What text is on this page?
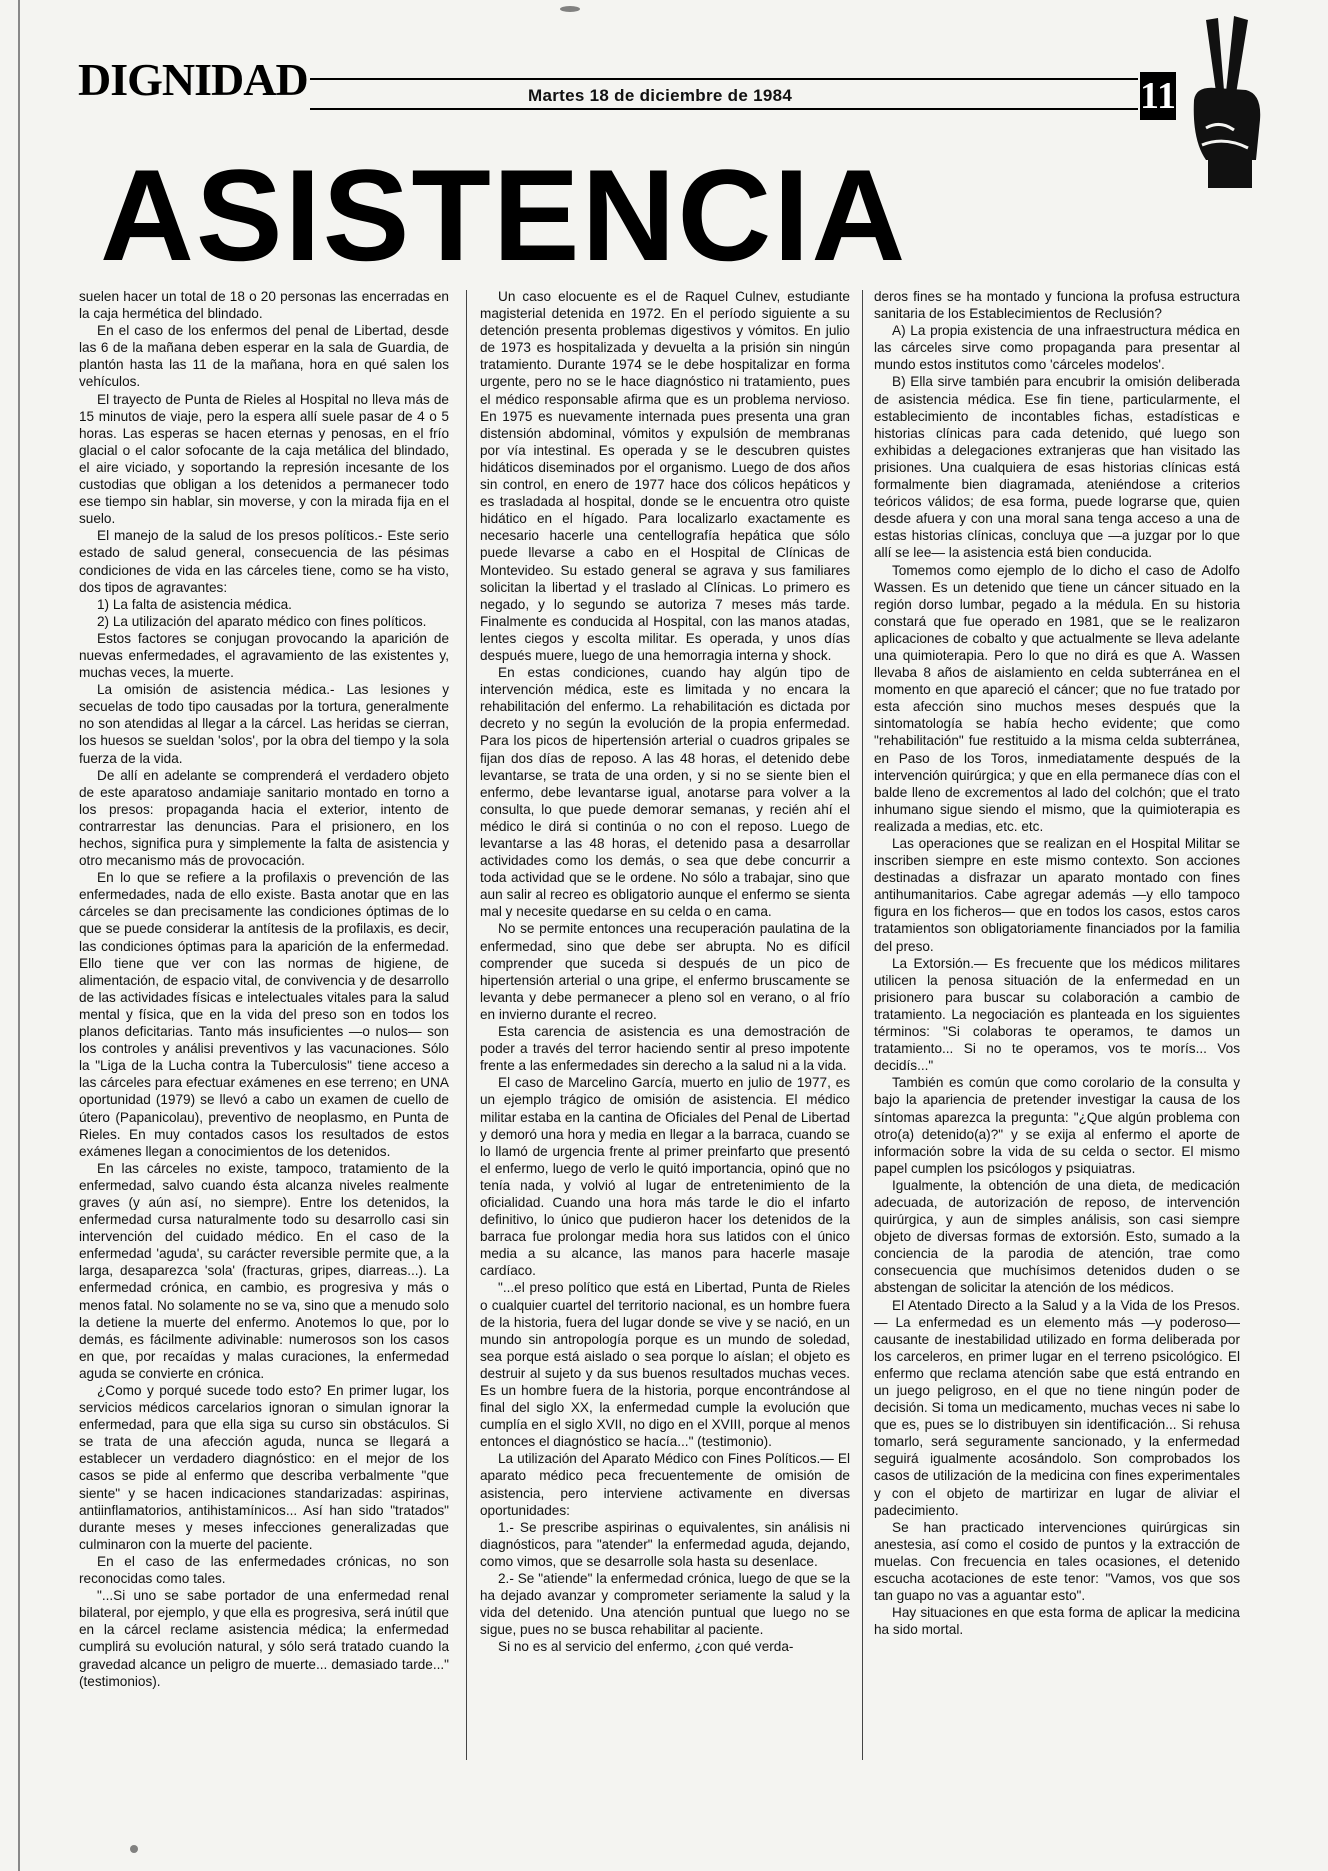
DIGNIDAD	Martes 18 de diciembre de 1984	11
ASISTENCIA

suelen hacer un total de 18 o 20 personas las encerradas en la caja hermética del blindado.

En el caso de los enfermos del penal de Libertad, desde las 6 de la mañana deben esperar en la sala de Guardia, de plantón hasta las 11 de la mañana, hora en qué salen los vehículos.

El trayecto de Punta de Rieles al Hospital no lleva más de 15 minutos de viaje, pero la espera allí suele pasar de 4 o 5 horas. Las esperas se hacen eternas y penosas, en el frío glacial o el calor sofocante de la caja metálica del blindado, el aire viciado, y soportando la represión incesante de los custodias que obligan a los detenidos a permanecer todo ese tiempo sin hablar, sin moverse, y con la mirada fija en el suelo.

El manejo de la salud de los presos políticos.- Este serio estado de salud general, consecuencia de las pésimas condiciones de vida en las cárceles tiene, como se ha visto, dos tipos de agravantes:

1) La falta de asistencia médica.

2) La utilización del aparato médico con fines políticos.

Estos factores se conjugan provocando la aparición de nuevas enfermedades, el agravamiento de las existentes y, muchas veces, la muerte.

La omisión de asistencia médica.- Las lesiones y secuelas de todo tipo causadas por la tortura, generalmente no son atendidas al llegar a la cárcel. Las heridas se cierran, los huesos se sueldan 'solos', por la obra del tiempo y la sola fuerza de la vida.

De allí en adelante se comprenderá el verdadero objeto de este aparatoso andamiaje sanitario montado en torno a los presos: propaganda hacia el exterior, intento de contrarrestar las denuncias. Para el prisionero, en los hechos, significa pura y simplemente la falta de asistencia y otro mecanismo más de provocación.

En lo que se refiere a la profilaxis o prevención de las enfermedades, nada de ello existe. Basta anotar que en las cárceles se dan precisamente las condiciones óptimas de lo que se puede considerar la antítesis de la profilaxis, es decir, las condiciones óptimas para la aparición de la enfermedad. Ello tiene que ver con las normas de higiene, de alimentación, de espacio vital, de convivencia y de desarrollo de las actividades físicas e intelectuales vitales para la salud mental y física, que en la vida del preso son en todos los planos deficitarias. Tanto más insuficientes —o nulos— son los controles y análisi preventivos y las vacunaciones. Sólo la "Liga de la Lucha contra la Tuberculosis" tiene acceso a las cárceles para efectuar exámenes en ese terreno; en UNA oportunidad (1979) se llevó a cabo un examen de cuello de útero (Papanicolau), preventivo de neoplasmo, en Punta de Rieles. En muy contados casos los resultados de estos exámenes llegan a conocimientos de los detenidos.

En las cárceles no existe, tampoco, tratamiento de la enfermedad, salvo cuando ésta alcanza niveles realmente graves (y aún así, no siempre). Entre los detenidos, la enfermedad cursa naturalmente todo su desarrollo casi sin intervención del cuidado médico. En el caso de la enfermedad 'aguda', su carácter reversible permite que, a la larga, desaparezca 'sola' (fracturas, gripes, diarreas...). La enfermedad crónica, en cambio, es progresiva y más o menos fatal. No solamente no se va, sino que a menudo solo la detiene la muerte del enfermo. Anotemos lo que, por lo demás, es fácilmente adivinable: numerosos son los casos en que, por recaídas y malas curaciones, la enfermedad aguda se convierte en crónica.

¿Como y porqué sucede todo esto? En primer lugar, los servicios médicos carcelarios ignoran o simulan ignorar la enfermedad, para que ella siga su curso sin obstáculos. Si se trata de una afección aguda, nunca se llegará a establecer un verdadero diagnóstico: en el mejor de los casos se pide al enfermo que describa verbalmente "que siente" y se hacen indicaciones standarizadas: aspirinas, antiinflamatorios, antihistamínicos... Así han sido "tratados" durante meses y meses infecciones generalizadas que culminaron con la muerte del paciente.

En el caso de las enfermedades crónicas, no son reconocidas como tales.

"...Si uno se sabe portador de una enfermedad renal bilateral, por ejemplo, y que ella es progresiva, será inútil que en la cárcel reclame asistencia médica; la enfermedad cumplirá su evolución natural, y sólo será tratado cuando la gravedad alcance un peligro de muerte... demasiado tarde..." (testimonios).

Un caso elocuente es el de Raquel Culnev, estudiante magisterial detenida en 1972. En el período siguiente a su detención presenta problemas digestivos y vómitos. En julio de 1973 es hospitalizada y devuelta a la prisión sin ningún tratamiento. Durante 1974 se le debe hospitalizar en forma urgente, pero no se le hace diagnóstico ni tratamiento, pues el médico responsable afirma que es un problema nervioso. En 1975 es nuevamente internada pues presenta una gran distensión abdominal, vómitos y expulsión de membranas por vía intestinal. Es operada y se le descubren quistes hidáticos diseminados por el organismo. Luego de dos años sin control, en enero de 1977 hace dos cólicos hepáticos y es trasladada al hospital, donde se le encuentra otro quiste hidático en el hígado. Para localizarlo exactamente es necesario hacerle una centellografía hepática que sólo puede llevarse a cabo en el Hospital de Clínicas de Montevideo. Su estado general se agrava y sus familiares solicitan la libertad y el traslado al Clínicas. Lo primero es negado, y lo segundo se autoriza 7 meses más tarde. Finalmente es conducida al Hospital, con las manos atadas, lentes ciegos y escolta militar. Es operada, y unos días después muere, luego de una hemorragia interna y shock.

En estas condiciones, cuando hay algún tipo de intervención médica, este es limitada y no encara la rehabilitación del enfermo. La rehabilitación es dictada por decreto y no según la evolución de la propia enfermedad. Para los picos de hipertensión arterial o cuadros gripales se fijan dos días de reposo. A las 48 horas, el detenido debe levantarse, se trata de una orden, y si no se siente bien el enfermo, debe levantarse igual, anotarse para volver a la consulta, lo que puede demorar semanas, y recién ahí el médico le dirá si continúa o no con el reposo. Luego de levantarse a las 48 horas, el detenido pasa a desarrollar actividades como los demás, o sea que debe concurrir a toda actividad que se le ordene. No sólo a trabajar, sino que aun salir al recreo es obligatorio aunque el enfermo se sienta mal y necesite quedarse en su celda o en cama.

No se permite entonces una recuperación paulatina de la enfermedad, sino que debe ser abrupta. No es difícil comprender que suceda si después de un pico de hipertensión arterial o una gripe, el enfermo bruscamente se levanta y debe permanecer a pleno sol en verano, o al frío en invierno durante el recreo.

Esta carencia de asistencia es una demostración de poder a través del terror haciendo sentir al preso impotente frente a las enfermedades sin derecho a la salud ni a la vida.

El caso de Marcelino García, muerto en julio de 1977, es un ejemplo trágico de omisión de asistencia. El médico militar estaba en la cantina de Oficiales del Penal de Libertad y demoró una hora y media en llegar a la barraca, cuando se lo llamó de urgencia frente al primer preinfarto que presentó el enfermo, luego de verlo le quitó importancia, opinó que no tenía nada, y volvió al lugar de entretenimiento de la oficialidad. Cuando una hora más tarde le dio el infarto definitivo, lo único que pudieron hacer los detenidos de la barraca fue prolongar media hora sus latidos con el único media a su alcance, las manos para hacerle masaje cardíaco.

"...el preso político que está en Libertad, Punta de Rieles o cualquier cuartel del territorio nacional, es un hombre fuera de la historia, fuera del lugar donde se vive y se nació, en un mundo sin antropología porque es un mundo de soledad, sea porque está aislado o sea porque lo aíslan; el objeto es destruir al sujeto y da sus buenos resultados muchas veces. Es un hombre fuera de la historia, porque encontrándose al final del siglo XX, la enfermedad cumple la evolución que cumplía en el siglo XVII, no digo en el XVIII, porque al menos entonces el diagnóstico se hacía..." (testimonio).

La utilización del Aparato Médico con Fines Políticos.— El aparato médico peca frecuentemente de omisión de asistencia, pero interviene activamente en diversas oportunidades:

1.- Se prescribe aspirinas o equivalentes, sin análisis ni diagnósticos, para "atender" la enfermedad aguda, dejando, como vimos, que se desarrolle sola hasta su desenlace.

2.- Se "atiende" la enfermedad crónica, luego de que se la ha dejado avanzar y comprometer seriamente la salud y la vida del detenido. Una atención puntual que luego no se sigue, pues no se busca rehabilitar al paciente.

Si no es al servicio del enfermo, ¿con qué verda-

deros fines se ha montado y funciona la profusa estructura sanitaria de los Establecimientos de Reclusión?

A) La propia existencia de una infraestructura médica en las cárceles sirve como propaganda para presentar al mundo estos institutos como 'cárceles modelos'.

B) Ella sirve también para encubrir la omisión deliberada de asistencia médica. Ese fin tiene, particularmente, el establecimiento de incontables fichas, estadísticas e historias clínicas para cada detenido, qué luego son exhibidas a delegaciones extranjeras que han visitado las prisiones. Una cualquiera de esas historias clínicas está formalmente bien diagramada, ateniéndose a criterios teóricos válidos; de esa forma, puede lograrse que, quien desde afuera y con una moral sana tenga acceso a una de estas historias clínicas, concluya que —a juzgar por lo que allí se lee— la asistencia está bien conducida.

Tomemos como ejemplo de lo dicho el caso de Adolfo Wassen. Es un detenido que tiene un cáncer situado en la región dorso lumbar, pegado a la médula. En su historia constará que fue operado en 1981, que se le realizaron aplicaciones de cobalto y que actualmente se lleva adelante una quimioterapia. Pero lo que no dirá es que A. Wassen llevaba 8 años de aislamiento en celda subterránea en el momento en que apareció el cáncer; que no fue tratado por esta afección sino muchos meses después que la sintomatología se había hecho evidente; que como "rehabilitación" fue restituido a la misma celda subterránea, en Paso de los Toros, inmediatamente después de la intervención quirúrgica; y que en ella permanece días con el balde lleno de excrementos al lado del colchón; que el trato inhumano sigue siendo el mismo, que la quimioterapia es realizada a medias, etc. etc.

Las operaciones que se realizan en el Hospital Militar se inscriben siempre en este mismo contexto. Son acciones destinadas a disfrazar un aparato montado con fines antihumanitarios. Cabe agregar además —y ello tampoco figura en los ficheros— que en todos los casos, estos caros tratamientos son obligatoriamente financiados por la familia del preso.

La Extorsión.— Es frecuente que los médicos militares utilicen la penosa situación de la enfermedad en un prisionero para buscar su colaboración a cambio de tratamiento. La negociación es planteada en los siguientes términos: "Si colaboras te operamos, te damos un tratamiento... Si no te operamos, vos te morís... Vos decidís..."

También es común que como corolario de la consulta y bajo la apariencia de pretender investigar la causa de los síntomas aparezca la pregunta: "¿Que algún problema con otro(a) detenido(a)?" y se exija al enfermo el aporte de información sobre la vida de su celda o sector. El mismo papel cumplen los psicólogos y psiquiatras.

Igualmente, la obtención de una dieta, de medicación adecuada, de autorización de reposo, de intervención quirúrgica, y aun de simples análisis, son casi siempre objeto de diversas formas de extorsión. Esto, sumado a la conciencia de la parodia de atención, trae como consecuencia que muchísimos detenidos duden o se abstengan de solicitar la atención de los médicos.

El Atentado Directo a la Salud y a la Vida de los Presos.— La enfermedad es un elemento más —y poderoso— causante de inestabilidad utilizado en forma deliberada por los carceleros, en primer lugar en el terreno psicológico. El enfermo que reclama atención sabe que está entrando en un juego peligroso, en el que no tiene ningún poder de decisión. Si toma un medicamento, muchas veces ni sabe lo que es, pues se lo distribuyen sin identificación... Si rehusa tomarlo, será seguramente sancionado, y la enfermedad seguirá igualmente acosándolo. Son comprobados los casos de utilización de la medicina con fines experimentales y con el objeto de martirizar en lugar de aliviar el padecimiento.

Se han practicado intervenciones quirúrgicas sin anestesia, así como el cosido de puntos y la extracción de muelas. Con frecuencia en tales ocasiones, el detenido escucha acotaciones de este tenor: "Vamos, vos que sos tan guapo no vas a aguantar esto".

Hay situaciones en que esta forma de aplicar la medicina ha sido mortal.
